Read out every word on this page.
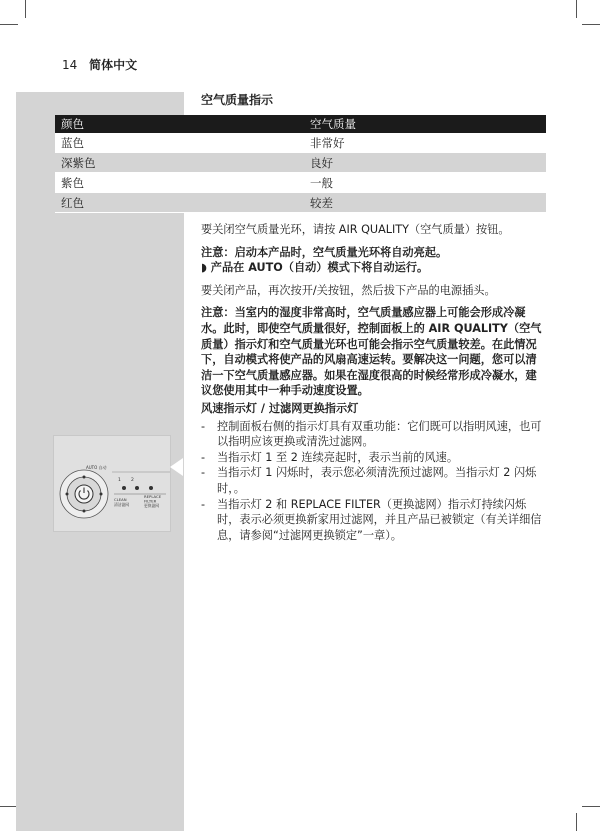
14 简体中文
空气质量指示
颜色	空气质量
蓝色	非常好
深紫色	良好
紫色	一般
红色	较差

要关闭空气质量光环，请按 AIR QUALITY（空气质量）按钮。

注意：启动本产品时，空气质量光环将自动亮起。

◗ 产品在 AUTO（自动）模式下将自动运行。

要关闭产品，再次按开/关按钮，然后拔下产品的电源插头。

注意：当室内的湿度非常高时，空气质量感应器上可能会形成冷凝水。此时，即使空气质量很好，控制面板上的 AIR QUALITY（空气质量）指示灯和空气质量光环也可能会指示空气质量较差。在此情况下，自动模式将使产品的风扇高速运转。要解决这一问题，您可以清洁一下空气质量感应器。如果在湿度很高的时候经常形成冷凝水，建议您使用其中一种手动速度设置。

风速指示灯 / 过滤网更换指示灯

- 控制面板右侧的指示灯具有双重功能：它们既可以指明风速，也可以指明应该更换或清洗过滤网。
- 当指示灯 1 至 2 连续亮起时，表示当前的风速。
- 当指示灯 1 闪烁时，表示您必须清洗预过滤网。当指示灯 2 闪烁时，。
- 当指示灯 2 和 REPLACE FILTER（更换滤网）指示灯持续闪烁时，表示必须更换新家用过滤网，并且产品已被锁定（有关详细信息，请参阅“过滤网更换锁定”一章）。
AUTO 自动
1 2
CLEAN
清洁滤网
REPLACE
FILTER
更换滤网
